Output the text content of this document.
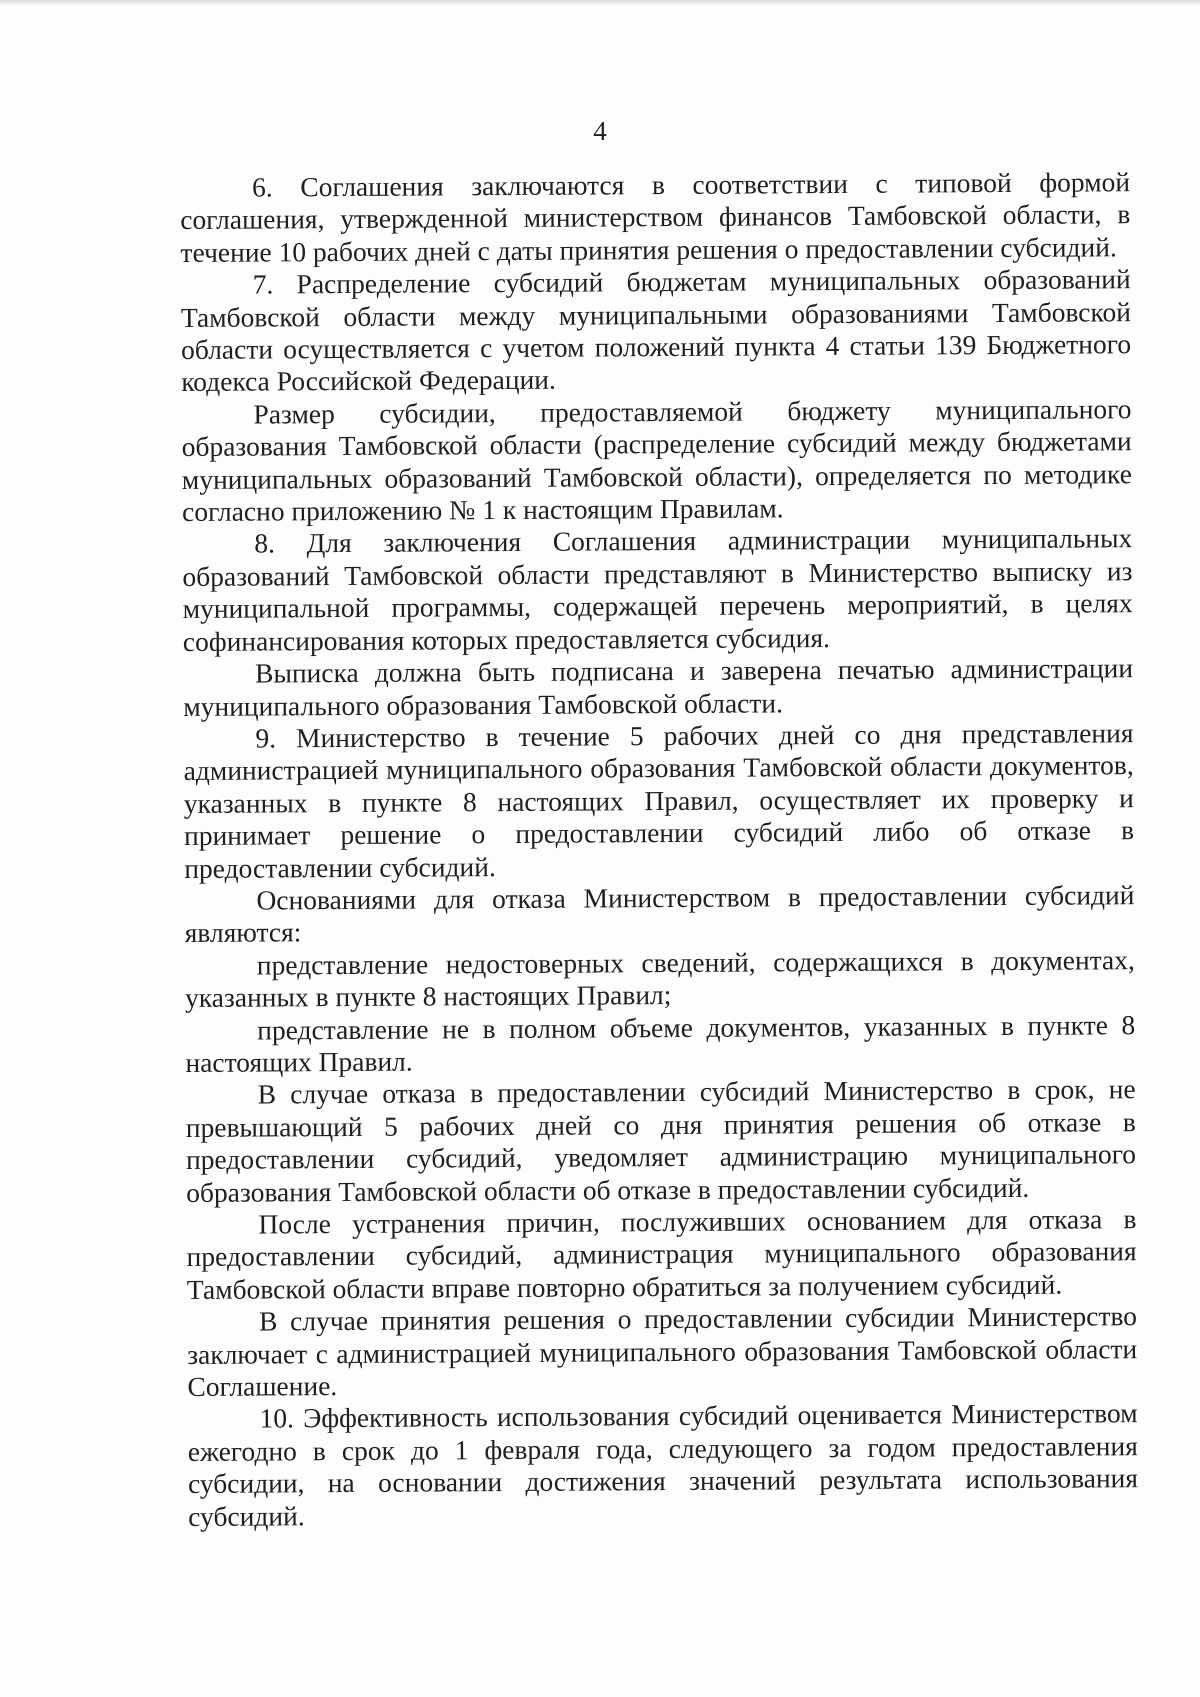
4

6. Соглашения заключаются в соответствии с типовой формой соглашения, утвержденной министерством финансов Тамбовской области, в течение 10 рабочих дней с даты принятия решения о предоставлении субсидий.

7. Распределение субсидий бюджетам муниципальных образований Тамбовской области между муниципальными образованиями Тамбовской области осуществляется с учетом положений пункта 4 статьи 139 Бюджетного кодекса Российской Федерации.

Размер субсидии, предоставляемой бюджету муниципального образования Тамбовской области (распределение субсидий между бюджетами муниципальных образований Тамбовской области), определяется по методике согласно приложению № 1 к настоящим Правилам.

8. Для заключения Соглашения администрации муниципальных образований Тамбовской области представляют в Министерство выписку из муниципальной программы, содержащей перечень мероприятий, в целях софинансирования которых предоставляется субсидия.

Выписка должна быть подписана и заверена печатью администрации муниципального образования Тамбовской области.

9. Министерство в течение 5 рабочих дней со дня представления администрацией муниципального образования Тамбовской области документов, указанных в пункте 8 настоящих Правил, осуществляет их проверку и принимает решение о предоставлении субсидий либо об отказе в предоставлении субсидий.

Основаниями для отказа Министерством в предоставлении субсидий являются:

представление недостоверных сведений, содержащихся в документах, указанных в пункте 8 настоящих Правил;

представление не в полном объеме документов, указанных в пункте 8 настоящих Правил.

В случае отказа в предоставлении субсидий Министерство в срок, не превышающий 5 рабочих дней со дня принятия решения об отказе в предоставлении субсидий, уведомляет администрацию муниципального образования Тамбовской области об отказе в предоставлении субсидий.

После устранения причин, послуживших основанием для отказа в предоставлении субсидий, администрация муниципального образования Тамбовской области вправе повторно обратиться за получением субсидий.

В случае принятия решения о предоставлении субсидии Министерство заключает с администрацией муниципального образования Тамбовской области Соглашение.

10. Эффективность использования субсидий оценивается Министерством ежегодно в срок до 1 февраля года, следующего за годом предоставления субсидии, на основании достижения значений результата использования субсидий.
